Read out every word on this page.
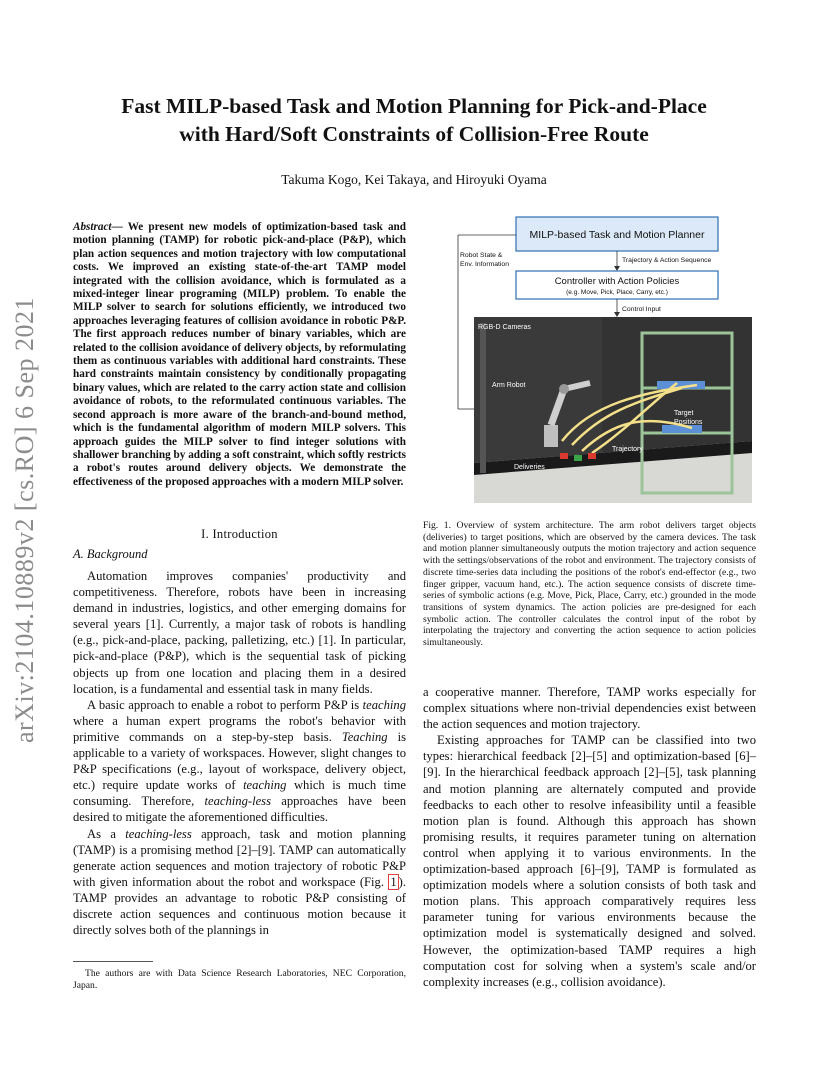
arXiv:2104.10889v2 [cs.RO] 6 Sep 2021
Fast MILP-based Task and Motion Planning for Pick-and-Place
with Hard/Soft Constraints of Collision-Free Route
Takuma Kogo, Kei Takaya, and Hiroyuki Oyama
Abstract— We present new models of optimization-based task and motion planning (TAMP) for robotic pick-and-place (P&P), which plan action sequences and motion trajectory with low computational costs. We improved an existing state-of-the-art TAMP model integrated with the collision avoidance, which is formulated as a mixed-integer linear programing (MILP) problem. To enable the MILP solver to search for solutions efficiently, we introduced two approaches leveraging features of collision avoidance in robotic P&P. The first approach reduces number of binary variables, which are related to the collision avoidance of delivery objects, by reformulating them as continuous variables with additional hard constraints. These hard constraints maintain consistency by conditionally propagating binary values, which are related to the carry action state and collision avoidance of robots, to the reformulated continuous variables. The second approach is more aware of the branch-and-bound method, which is the fundamental algorithm of modern MILP solvers. This approach guides the MILP solver to find integer solutions with shallower branching by adding a soft constraint, which softly restricts a robot's routes around delivery objects. We demonstrate the effectiveness of the proposed approaches with a modern MILP solver.
I. Introduction
A. Background

Automation improves companies' productivity and competitiveness. Therefore, robots have been in increasing demand in industries, logistics, and other emerging domains for several years [1]. Currently, a major task of robots is handling (e.g., pick-and-place, packing, palletizing, etc.) [1]. In particular, pick-and-place (P&P), which is the sequential task of picking objects up from one location and placing them in a desired location, is a fundamental and essential task in many fields.

A basic approach to enable a robot to perform P&P is teaching where a human expert programs the robot's behavior with primitive commands on a step-by-step basis. Teaching is applicable to a variety of workspaces. However, slight changes to P&P specifications (e.g., layout of workspace, delivery object, etc.) require update works of teaching which is much time consuming. Therefore, teaching-less approaches have been desired to mitigate the aforementioned difficulties.

As a teaching-less approach, task and motion planning (TAMP) is a promising method [2]–[9]. TAMP can automatically generate action sequences and motion trajectory of robotic P&P with given information about the robot and workspace (Fig. 1 ). TAMP provides an advantage to robotic P&P consisting of discrete action sequences and continuous motion because it directly solves both of the plannings in

The authors are with Data Science Research Laboratories, NEC Corporation, Japan.
MILP-based Task and Motion Planner
Robot State &
Env. Information
Trajectory & Action Sequence
Controller with Action Policies
(e.g. Move, Pick, Place, Carry, etc.)
Control Input
RGB-D Cameras
Arm Robot
Target
Positions
Trajectory
Deliveries
Fig. 1. Overview of system architecture. The arm robot delivers target objects (deliveries) to target positions, which are observed by the camera devices. The task and motion planner simultaneously outputs the motion trajectory and action sequence with the settings/observations of the robot and environment. The trajectory consists of discrete time-series data including the positions of the robot's end-effector (e.g., two finger gripper, vacuum hand, etc.). The action sequence consists of discrete time-series of symbolic actions (e.g. Move, Pick, Place, Carry, etc.) grounded in the mode transitions of system dynamics. The action policies are pre-designed for each symbolic action. The controller calculates the control input of the robot by interpolating the trajectory and converting the action sequence to action policies simultaneously.

a cooperative manner. Therefore, TAMP works especially for complex situations where non-trivial dependencies exist between the action sequences and motion trajectory.

Existing approaches for TAMP can be classified into two types: hierarchical feedback [2]–[5] and optimization-based [6]–[9]. In the hierarchical feedback approach [2]–[5], task planning and motion planning are alternately computed and provide feedbacks to each other to resolve infeasibility until a feasible motion plan is found. Although this approach has shown promising results, it requires parameter tuning on alternation control when applying it to various environments. In the optimization-based approach [6]–[9], TAMP is formulated as optimization models where a solution consists of both task and motion plans. This approach comparatively requires less parameter tuning for various environments because the optimization model is systematically designed and solved. However, the optimization-based TAMP requires a high computation cost for solving when a system's scale and/or complexity increases (e.g., collision avoidance).
